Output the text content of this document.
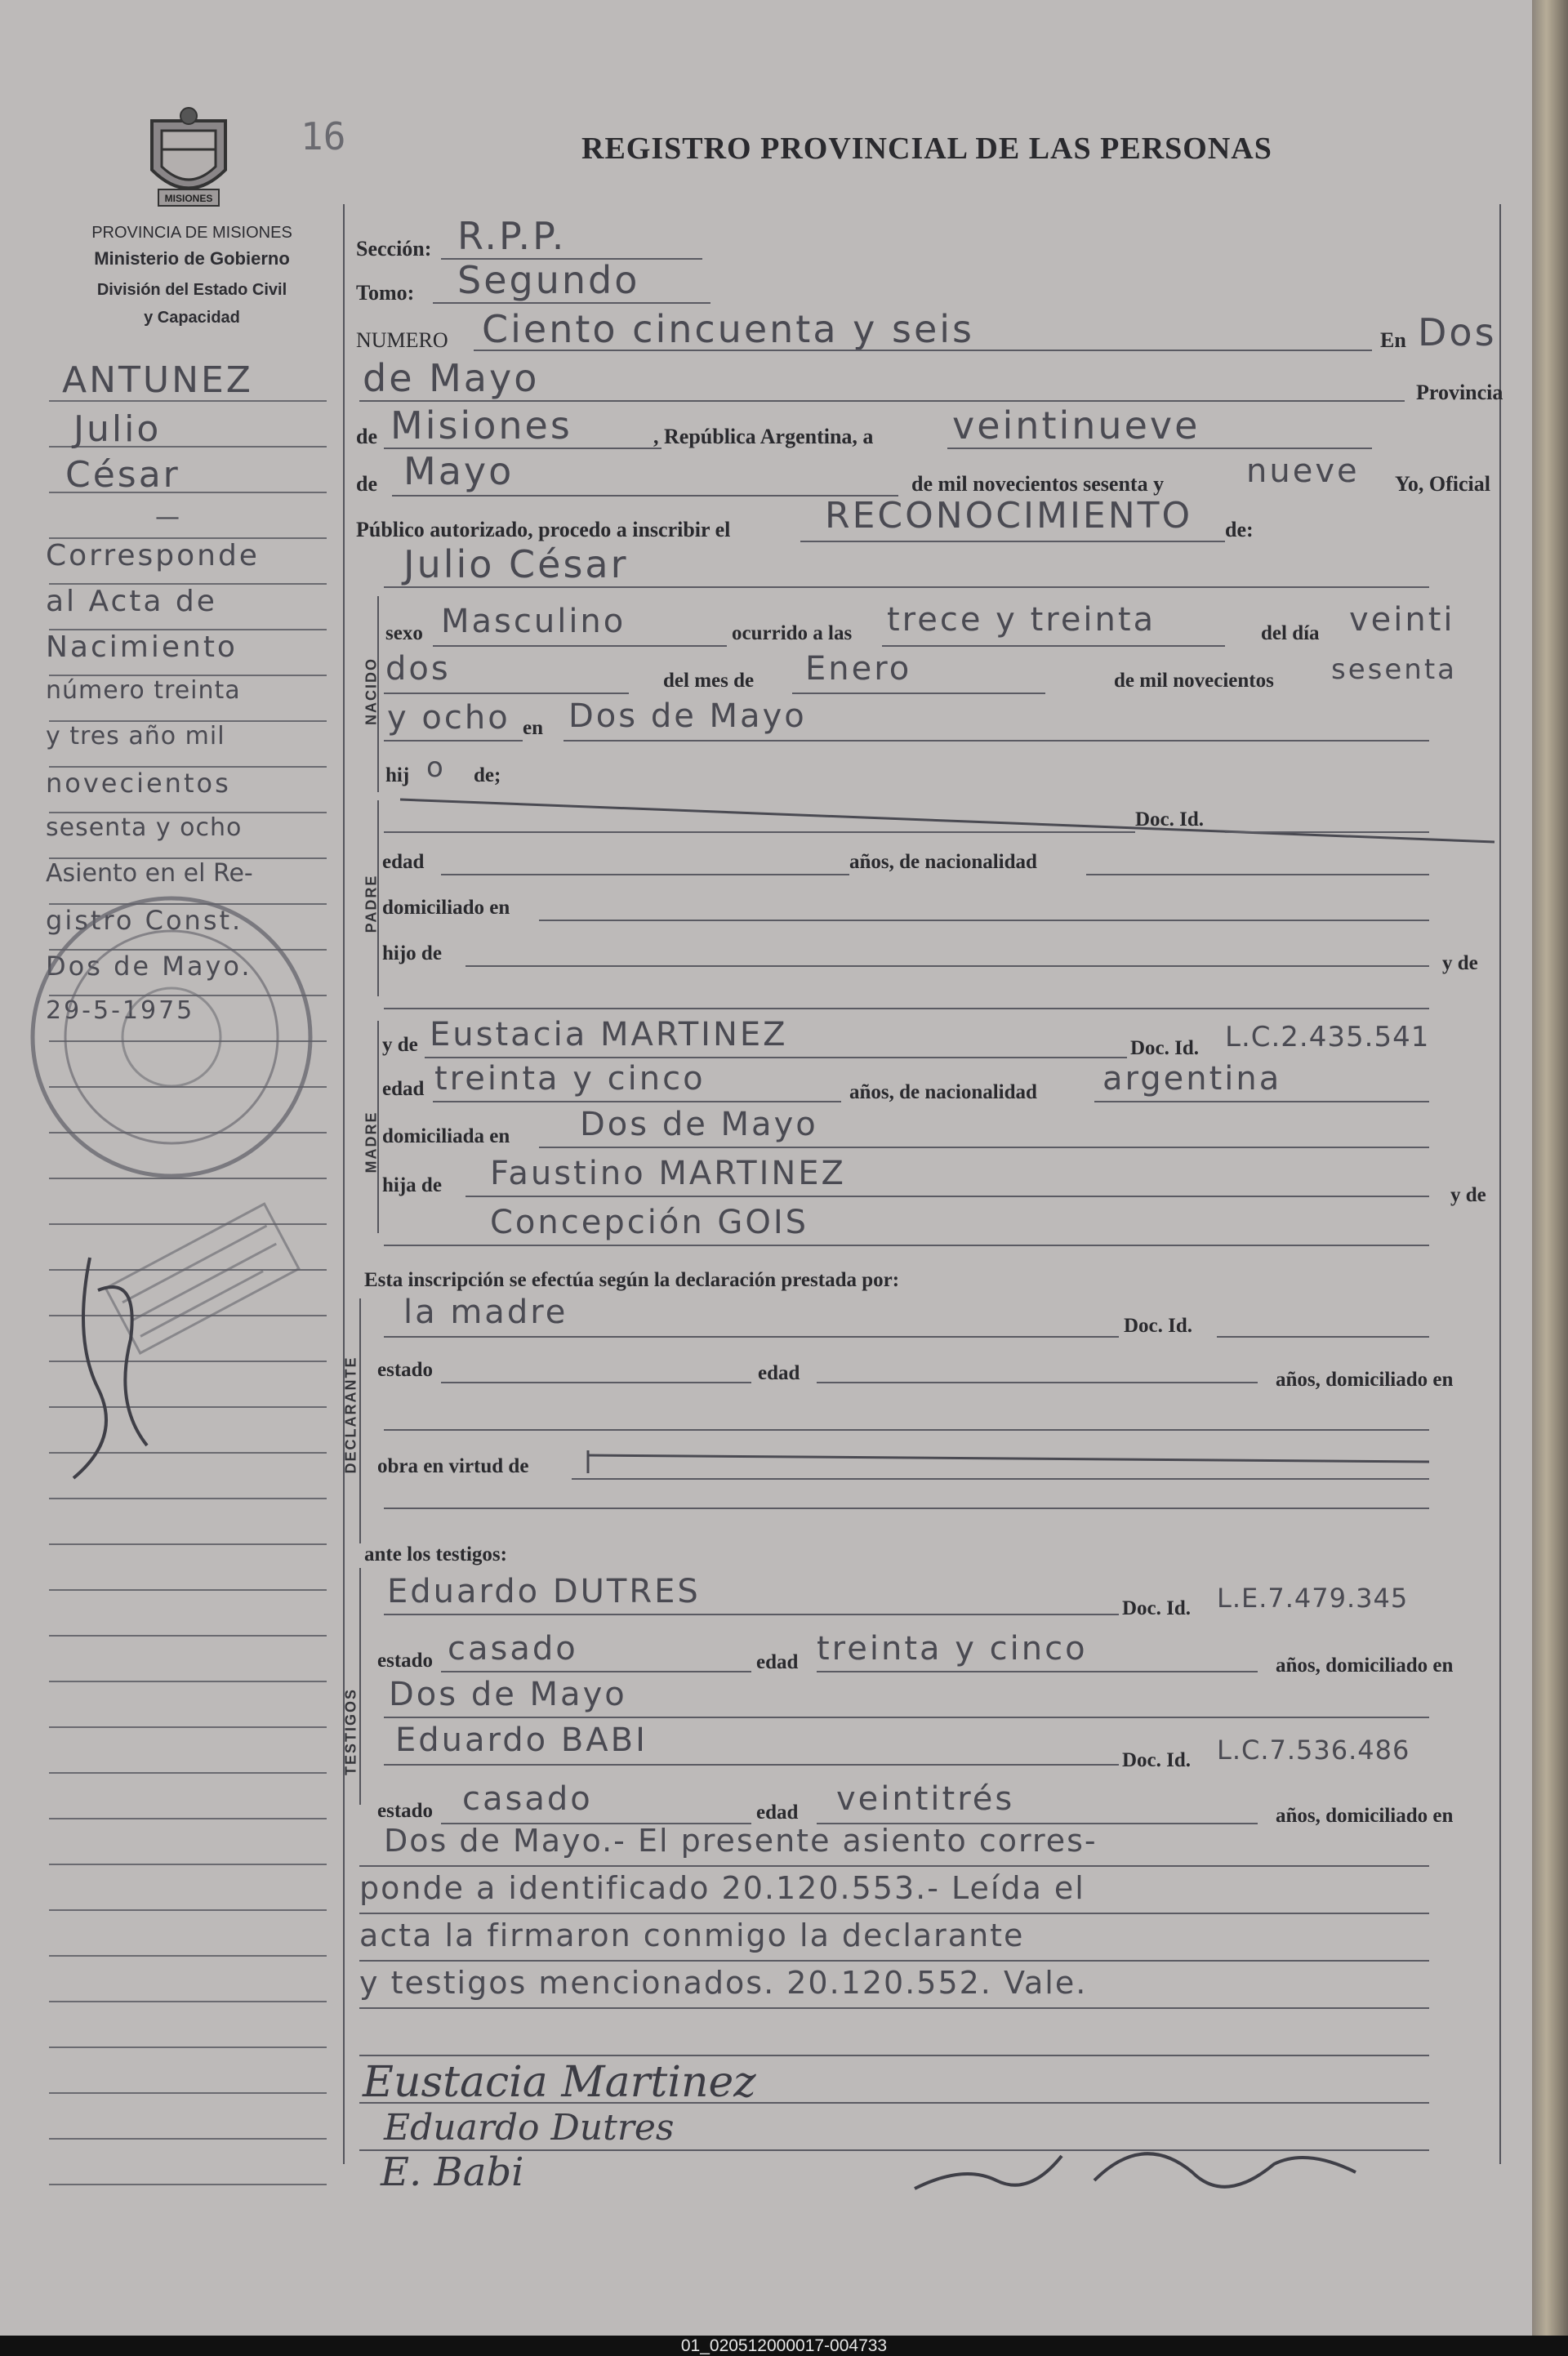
16	REGISTRO PROVINCIAL DE LAS PERSONAS
MISIONES
PROVINCIA DE MISIONES
Ministerio de Gobierno
División del Estado Civil
y Capacidad
ANTUNEZ
Julio
César
—
Corresponde
al Acta de
Nacimiento
número treinta
y tres año mil
novecientos
sesenta y ocho
Asiento en el Re-
gistro Const.
Dos de Mayo.
29-5-1975
Sección: R.P.P.
Tomo: Segundo
NUMERO Ciento cincuenta y seis	En Dos
de Mayo	Provincia
de Misiones	, República Argentina, a veintinueve
de Mayo	de mil novecientos sesenta y	nueve Yo, Oficial
Público autorizado, procedo a inscribir el	RECONOCIMIENTO de:
Julio César
NACIDO
sexo Masculino	ocurrido a las trece y treinta	del día veinti
dos	del mes de Enero	de mil novecientos sesenta
y ocho en Dos de Mayo
hij o de;
Doc. Id.
PADRE
edad	años, de nacionalidad
domiciliado en
hijo de	y de
MADRE
y de Eustacia MARTINEZ	Doc. Id. L.C.2.435.541
edad treinta y cinco	años, de nacionalidad argentina
domiciliada en Dos de Mayo
hija de Faustino MARTINEZ
y de
Concepción GOIS
Esta inscripción se efectúa según la declaración prestada por:
DECLARANTE
la madre	Doc. Id.
estado	edad	años, domiciliado en
obra en virtud de
ante los testigos:
TESTIGOS
Eduardo DUTRES	Doc. Id. L.E.7.479.345
estado casado	edad treinta y cinco	años, domiciliado en
Dos de Mayo
Eduardo BABI
Doc. Id. L.C.7.536.486
estado casado	edad veintitrés	años, domiciliado en
Dos de Mayo.- El presente asiento corres-
ponde a identificado 20.120.553.- Leída el
acta la firmaron conmigo la declarante
y testigos mencionados. 20.120.552. Vale.
Eustacia Martinez
Eduardo Dutres
E. Babi
01_020512000017-004733
